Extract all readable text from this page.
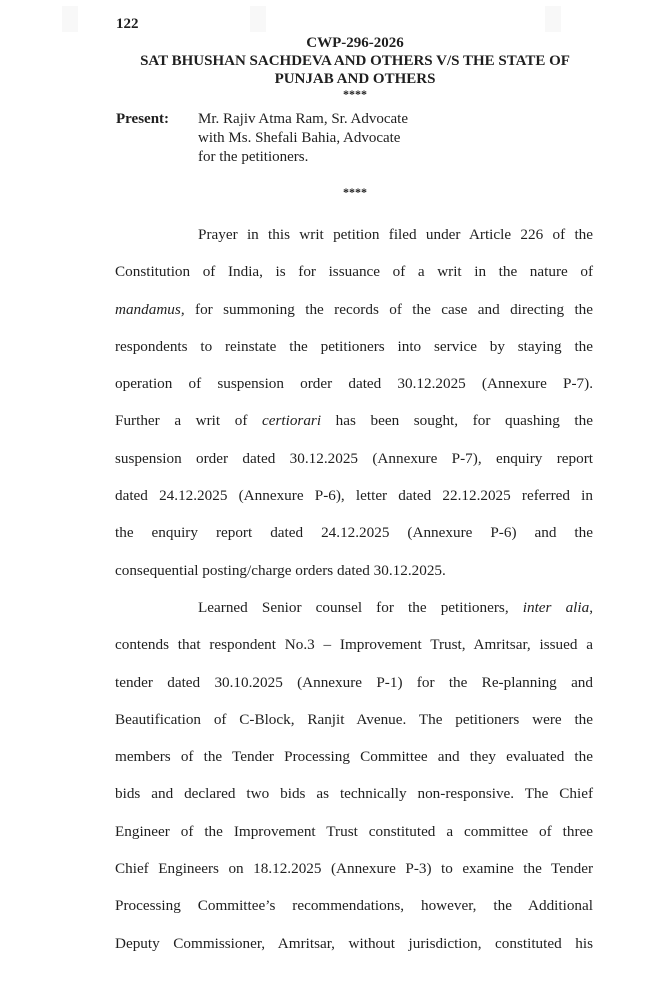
122
CWP-296-2026
SAT BHUSHAN SACHDEVA AND OTHERS V/S THE STATE OF
PUNJAB AND OTHERS
****
Present: Mr. Rajiv Atma Ram, Sr. Advocate
with Ms. Shefali Bahia, Advocate
for the petitioners.
****
Prayer in this writ petition filed under Article 226 of the
Constitution of India, is for issuance of a writ in the nature of
mandamus, for summoning the records of the case and directing the
respondents to reinstate the petitioners into service by staying the
operation of suspension order dated 30.12.2025 (Annexure P-7).
Further a writ of certiorari has been sought, for quashing the
suspension order dated 30.12.2025 (Annexure P-7), enquiry report
dated 24.12.2025 (Annexure P-6), letter dated 22.12.2025 referred in
the enquiry report dated 24.12.2025 (Annexure P-6) and the
consequential posting/charge orders dated 30.12.2025.
Learned Senior counsel for the petitioners, inter alia,
contends that respondent No.3 – Improvement Trust, Amritsar, issued a
tender dated 30.10.2025 (Annexure P-1) for the Re-planning and
Beautification of C-Block, Ranjit Avenue. The petitioners were the
members of the Tender Processing Committee and they evaluated the
bids and declared two bids as technically non-responsive. The Chief
Engineer of the Improvement Trust constituted a committee of three
Chief Engineers on 18.12.2025 (Annexure P-3) to examine the Tender
Processing Committee’s recommendations, however, the Additional
Deputy Commissioner, Amritsar, without jurisdiction, constituted his
